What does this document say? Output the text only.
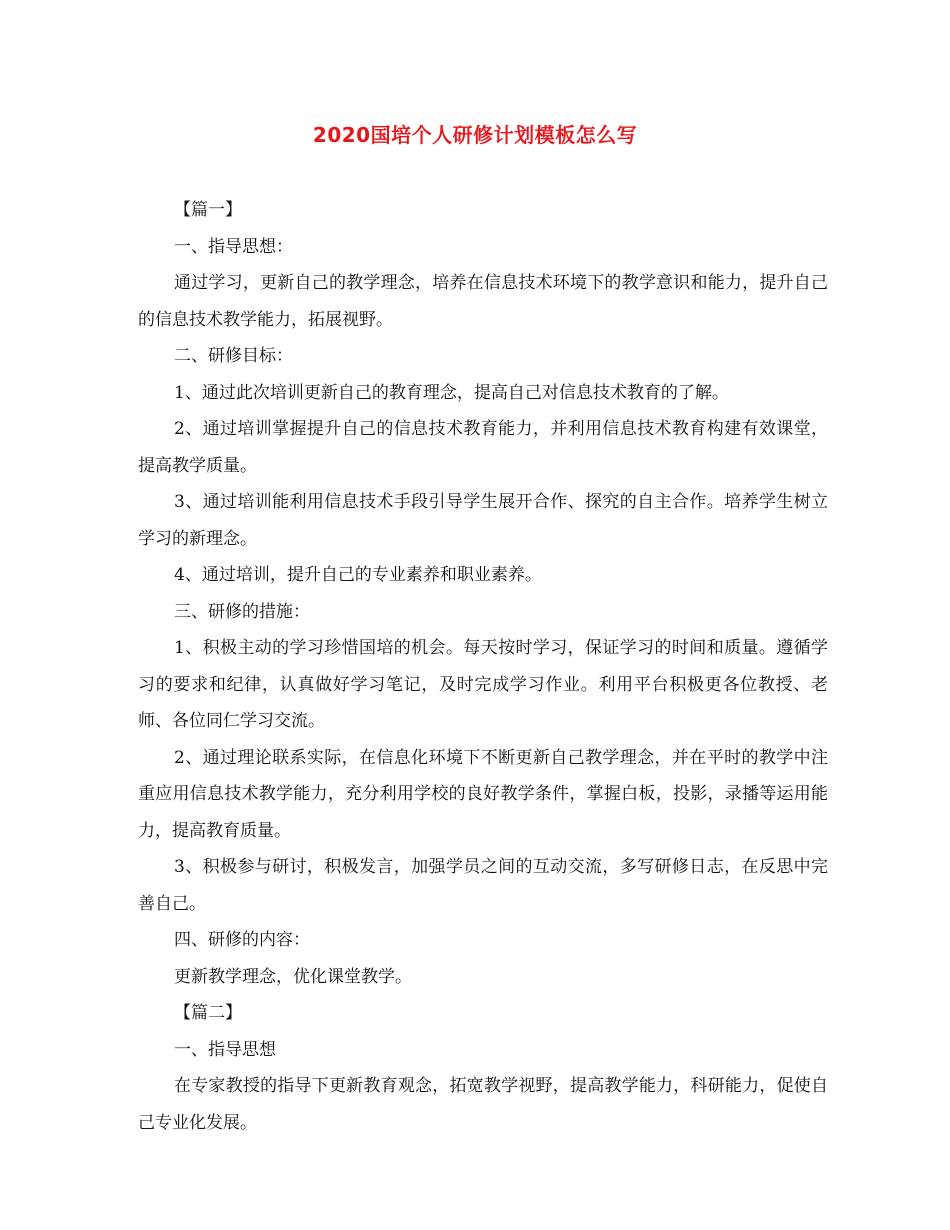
2020国培个人研修计划模板怎么写

【篇一】

一、指导思想：

通过学习，更新自己的教学理念，培养在信息技术环境下的教学意识和能力，提升自己的信息技术教学能力，拓展视野。

二、研修目标：

1、通过此次培训更新自己的教育理念，提高自己对信息技术教育的了解。

2、通过培训掌握提升自己的信息技术教育能力，并利用信息技术教育构建有效课堂，提高教学质量。

3、通过培训能利用信息技术手段引导学生展开合作、探究的自主合作。培养学生树立学习的新理念。

4、通过培训，提升自己的专业素养和职业素养。

三、研修的措施：

1、积极主动的学习珍惜国培的机会。每天按时学习，保证学习的时间和质量。遵循学习的要求和纪律，认真做好学习笔记，及时完成学习作业。利用平台积极更各位教授、老师、各位同仁学习交流。

2、通过理论联系实际，在信息化环境下不断更新自己教学理念，并在平时的教学中注重应用信息技术教学能力，充分利用学校的良好教学条件，掌握白板，投影，录播等运用能力，提高教育质量。

3、积极参与研讨，积极发言，加强学员之间的互动交流，多写研修日志，在反思中完善自己。

四、研修的内容：

更新教学理念，优化课堂教学。

【篇二】

一、指导思想

在专家教授的指导下更新教育观念，拓宽教学视野，提高教学能力，科研能力，促使自己专业化发展。
